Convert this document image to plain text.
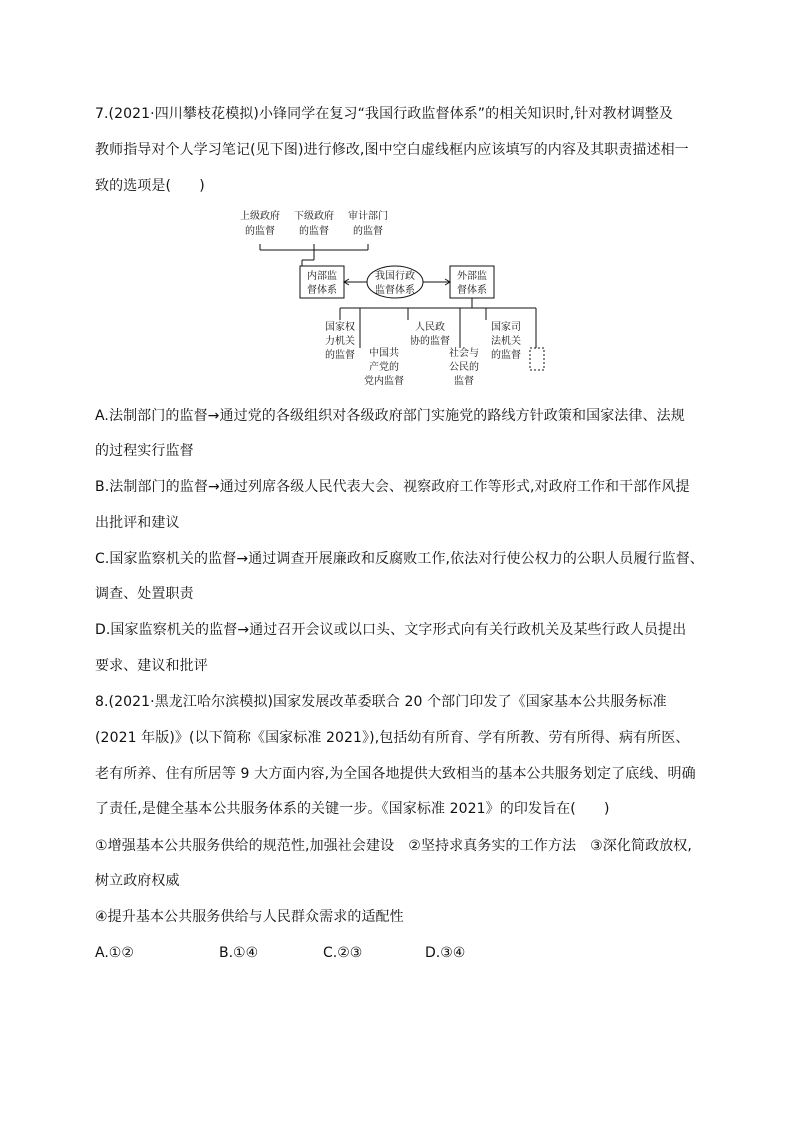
7.(2021·四川攀枝花模拟)小锋同学在复习“我国行政监督体系”的相关知识时,针对教材调整及
教师指导对个人学习笔记(见下图)进行修改,图中空白虚线框内应该填写的内容及其职责描述相一
致的选项是(　　)
上级政府
的监督
下级政府
的监督
审计部门
的监督
内部监
督体系
我国行政
监督体系
外部监
督体系
国家权
力机关
的监督 中国共
产党的
党内监督
人民政
协的监督
社会与
公民的
监督
国家司
法机关
的监督
A.法制部门的监督→通过党的各级组织对各级政府部门实施党的路线方针政策和国家法律、法规
的过程实行监督
B.法制部门的监督→通过列席各级人民代表大会、视察政府工作等形式,对政府工作和干部作风提
出批评和建议
C.国家监察机关的监督→通过调查开展廉政和反腐败工作,依法对行使公权力的公职人员履行监督、
调查、处置职责
D.国家监察机关的监督→通过召开会议或以口头、文字形式向有关行政机关及某些行政人员提出
要求、建议和批评
8.(2021·黑龙江哈尔滨模拟)国家发展改革委联合 20 个部门印发了《国家基本公共服务标准
(2021 年版)》(以下简称《国家标准 2021》),包括幼有所育、学有所教、劳有所得、病有所医、
老有所养、住有所居等 9 大方面内容,为全国各地提供大致相当的基本公共服务划定了底线、明确
了责任,是健全基本公共服务体系的关键一步。《国家标准 2021》的印发旨在(　　)
①增强基本公共服务供给的规范性,加强社会建设　②坚持求真务实的工作方法　③深化简政放权,
树立政府权威
④提升基本公共服务供给与人民群众需求的适配性
A.①②	B.①④	C.②③	D.③④
